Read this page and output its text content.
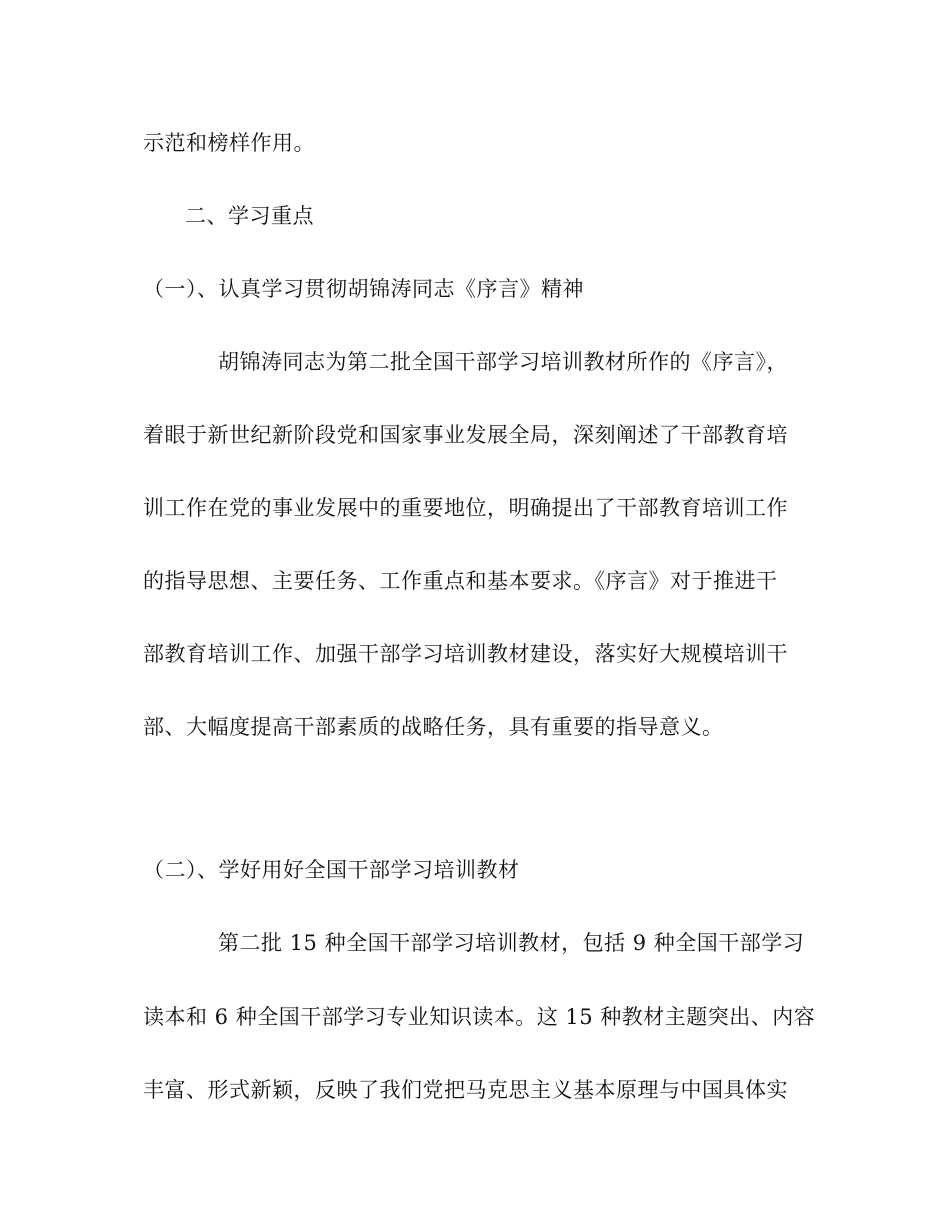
示范和榜样作用。
二、学习重点
（一）、认真学习贯彻胡锦涛同志《序言》精神
胡锦涛同志为第二批全国干部学习培训教材所作的《序言》，
着眼于新世纪新阶段党和国家事业发展全局，深刻阐述了干部教育培
训工作在党的事业发展中的重要地位，明确提出了干部教育培训工作
的指导思想、主要任务、工作重点和基本要求。《序言》对于推进干
部教育培训工作、加强干部学习培训教材建设，落实好大规模培训干
部、大幅度提高干部素质的战略任务，具有重要的指导意义。
（二）、学好用好全国干部学习培训教材
第二批 15 种全国干部学习培训教材，包括 9 种全国干部学习
读本和 6 种全国干部学习专业知识读本。这 15 种教材主题突出、内容
丰富、形式新颖，反映了我们党把马克思主义基本原理与中国具体实
